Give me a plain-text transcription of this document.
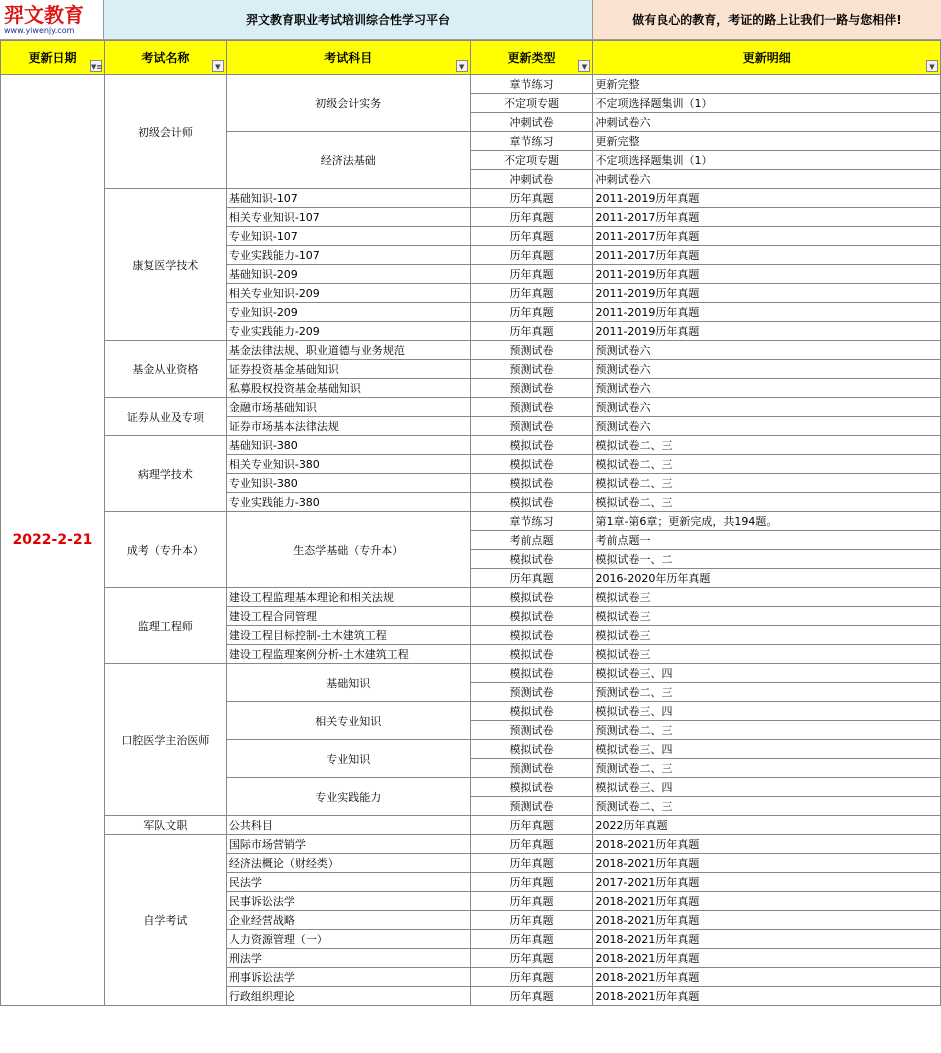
羿文教育
www.yiwenjy.com
羿文教育职业考试培训综合性学习平台	做有良心的教育，考证的路上让我们一路与您相伴!
更新日期
▼≡	考试名称
▼	考试科目
▼	更新类型
▼	更新明细
▼

2022-2-21	初级会计师	初级会计实务	章节练习	更新完整
			不定项专题	不定项选择题集训（1）
			冲刺试卷	冲刺试卷六
		经济法基础	章节练习	更新完整
			不定项专题	不定项选择题集训（1）
			冲刺试卷	冲刺试卷六
	康复医学技术	基础知识-107	历年真题	2011-2019历年真题
		相关专业知识-107	历年真题	2011-2017历年真题
		专业知识-107	历年真题	2011-2017历年真题
		专业实践能力-107	历年真题	2011-2017历年真题
		基础知识-209	历年真题	2011-2019历年真题
		相关专业知识-209	历年真题	2011-2019历年真题
		专业知识-209	历年真题	2011-2019历年真题
		专业实践能力-209	历年真题	2011-2019历年真题
	基金从业资格	基金法律法规、职业道德与业务规范	预测试卷	预测试卷六
		证券投资基金基础知识	预测试卷	预测试卷六
		私募股权投资基金基础知识	预测试卷	预测试卷六
	证券从业及专项	金融市场基础知识	预测试卷	预测试卷六
		证券市场基本法律法规	预测试卷	预测试卷六
	病理学技术	基础知识-380	模拟试卷	模拟试卷二、三
		相关专业知识-380	模拟试卷	模拟试卷二、三
		专业知识-380	模拟试卷	模拟试卷二、三
		专业实践能力-380	模拟试卷	模拟试卷二、三
	成考（专升本）	生态学基础（专升本）	章节练习	第1章-第6章；更新完成，共194题。
			考前点题	考前点题一
			模拟试卷	模拟试卷一、二
			历年真题	2016-2020年历年真题
	监理工程师	建设工程监理基本理论和相关法规	模拟试卷	模拟试卷三
		建设工程合同管理	模拟试卷	模拟试卷三
		建设工程目标控制-土木建筑工程	模拟试卷	模拟试卷三
		建设工程监理案例分析-土木建筑工程	模拟试卷	模拟试卷三
	口腔医学主治医师	基础知识	模拟试卷	模拟试卷三、四
			预测试卷	预测试卷二、三
		相关专业知识	模拟试卷	模拟试卷三、四
			预测试卷	预测试卷二、三
		专业知识	模拟试卷	模拟试卷三、四
			预测试卷	预测试卷二、三
		专业实践能力	模拟试卷	模拟试卷三、四
			预测试卷	预测试卷二、三
	军队文职	公共科目	历年真题	2022历年真题
	自学考试	国际市场营销学	历年真题	2018-2021历年真题
		经济法概论（财经类）	历年真题	2018-2021历年真题
		民法学	历年真题	2017-2021历年真题
		民事诉讼法学	历年真题	2018-2021历年真题
		企业经营战略	历年真题	2018-2021历年真题
		人力资源管理（一）	历年真题	2018-2021历年真题
		刑法学	历年真题	2018-2021历年真题
		刑事诉讼法学	历年真题	2018-2021历年真题
		行政组织理论	历年真题	2018-2021历年真题
